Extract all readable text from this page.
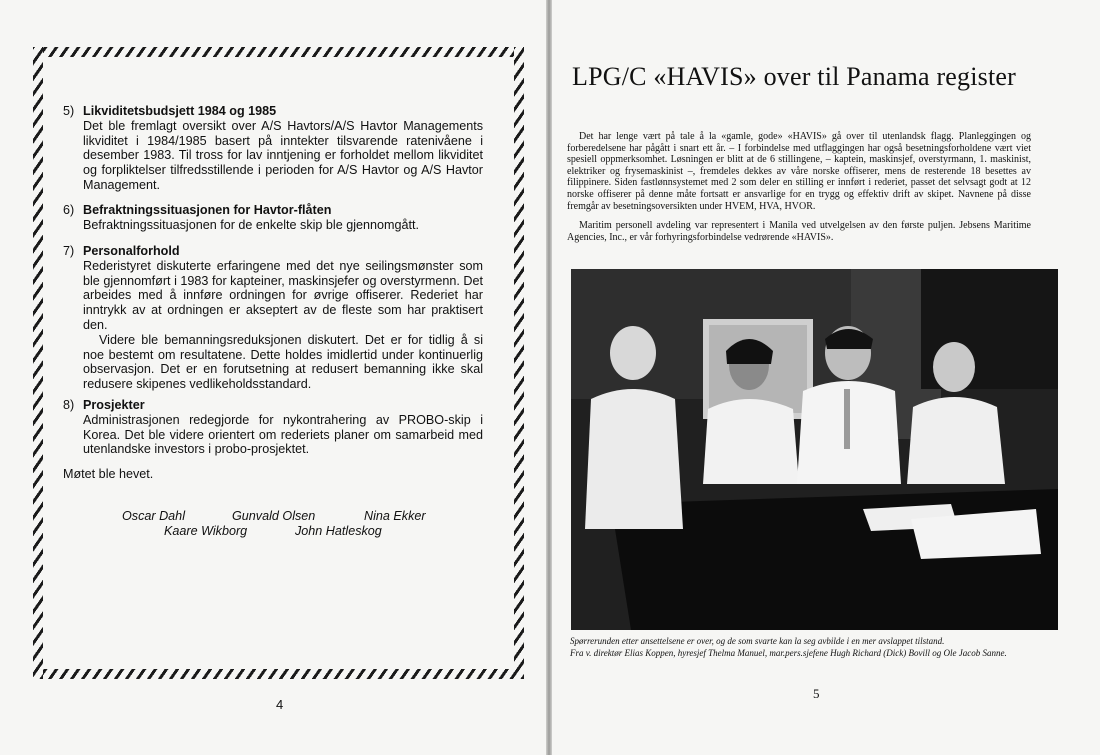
5) Likviditetsbudsjett 1984 og 1985
Det ble fremlagt oversikt over A/S Havtors/A/S Havtor Managements likviditet i 1984/1985 basert på inntekter tilsvarende ratenivåene i desember 1983. Til tross for lav inntjening er forholdet mellom likviditet og forpliktelser tilfredsstillende i perioden for A/S Havtor og A/S Havtor Management.
6) Befraktningssituasjonen for Havtor-flåten
Befraktningssituasjonen for de enkelte skip ble gjennomgått.
7) Personalforhold
Rederistyret diskuterte erfaringene med det nye seilingsmønster som ble gjennomført i 1983 for kapteiner, maskinsjefer og overstyrmenn. Det arbeides med å innføre ordningen for øvrige offiserer. Rederiet har inntrykk av at ordningen er akseptert av de fleste som har praktisert den.
Videre ble bemanningsreduksjonen diskutert. Det er for tidlig å si noe bestemt om resultatene. Dette holdes imidlertid under kontinuerlig observasjon. Det er en forutsetning at redusert bemanning ikke skal redusere skipenes vedlikeholdsstandard.
8) Prosjekter
Administrasjonen redegjorde for nykontrahering av PROBO-skip i Korea. Det ble videre orientert om rederiets planer om samarbeid med utenlandske investors i probo-prosjektet.
Møtet ble hevet.
Oscar Dahl	Gunvald Olsen	Nina Ekker
Kaare Wikborg	John Hatleskog
4
LPG/C «HAVIS» over til Panama register
Det har lenge vært på tale å la «gamle, gode» «HAVIS» gå over til utenlandsk flagg. Planleggingen og forberedelsene har pågått i snart ett år. – I forbindelse med utflaggingen har også besetningsforholdene vært viet spesiell oppmerksomhet. Løsningen er blitt at de 6 stillingene, – kaptein, maskinsjef, overstyrmann, 1. maskinist, elektriker og frysemaskinist –, fremdeles dekkes av våre norske offiserer, mens de resterende 18 besettes av filippinere. Siden fastlønnsystemet med 2 som deler en stilling er innført i rederiet, passet det selvsagt godt at 12 norske offiserer på denne måte fortsatt er ansvarlige for en trygg og effektiv drift av skipet. Navnene på disse fremgår av besetningsoversikten under HVEM, HVA, HVOR.
Maritim personell avdeling var representert i Manila ved utvelgelsen av den første puljen. Jebsens Maritime Agencies, Inc., er vår forhyringsforbindelse vedrørende «HAVIS».
Spørrerunden etter ansettelsene er over, og de som svarte kan la seg avbilde i en mer avslappet tilstand.
Fra v. direktør Elias Koppen, hyresjef Thelma Manuel, mar.pers.sjefene Hugh Richard (Dick) Bovill og Ole Jacob Sanne.
5
